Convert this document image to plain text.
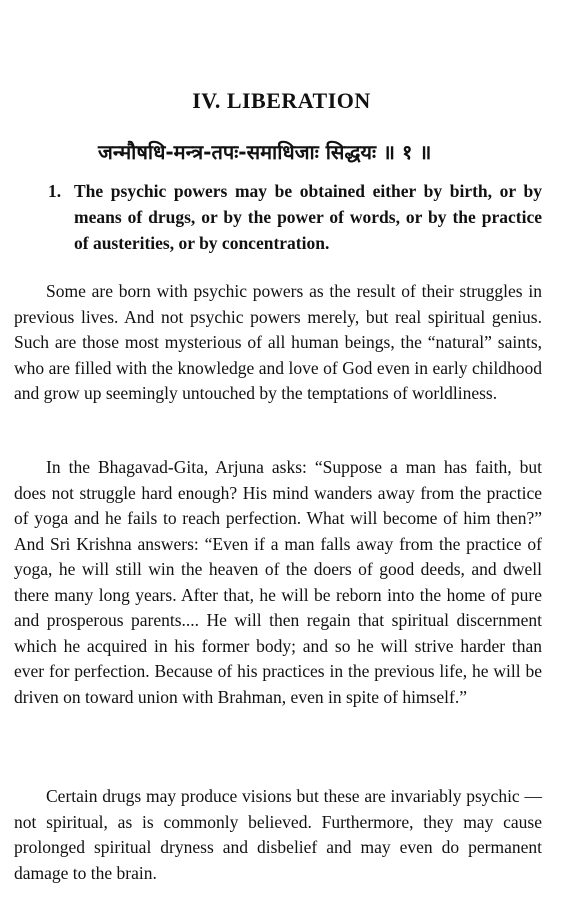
IV. LIBERATION

जन्मौषधि-मन्त्र-तपः-समाधिजाः सिद्धयः ॥ १ ॥

1. The psychic powers may be obtained either by birth, or by means of drugs, or by the power of words, or by the practice of austerities, or by concentration.

Some are born with psychic powers as the result of their struggles in previous lives. And not psychic powers merely, but real spiritual genius. Such are those most mysterious of all human beings, the “natural” saints, who are filled with the knowledge and love of God even in early childhood and grow up seemingly untouched by the temptations of worldliness.

In the Bhagavad-Gita, Arjuna asks: “Suppose a man has faith, but does not struggle hard enough? His mind wanders away from the practice of yoga and he fails to reach perfection. What will become of him then?” And Sri Krishna answers: “Even if a man falls away from the practice of yoga, he will still win the heaven of the doers of good deeds, and dwell there many long years. After that, he will be reborn into the home of pure and prosperous parents.... He will then regain that spiritual discernment which he acquired in his former body; and so he will strive harder than ever for perfection. Because of his practices in the previous life, he will be driven on toward union with Brahman, even in spite of himself.”

Certain drugs may produce visions but these are invariably psychic — not spiritual, as is commonly believed. Furthermore, they may cause prolonged spiritual dryness and disbelief and may even do permanent damage to the brain.
